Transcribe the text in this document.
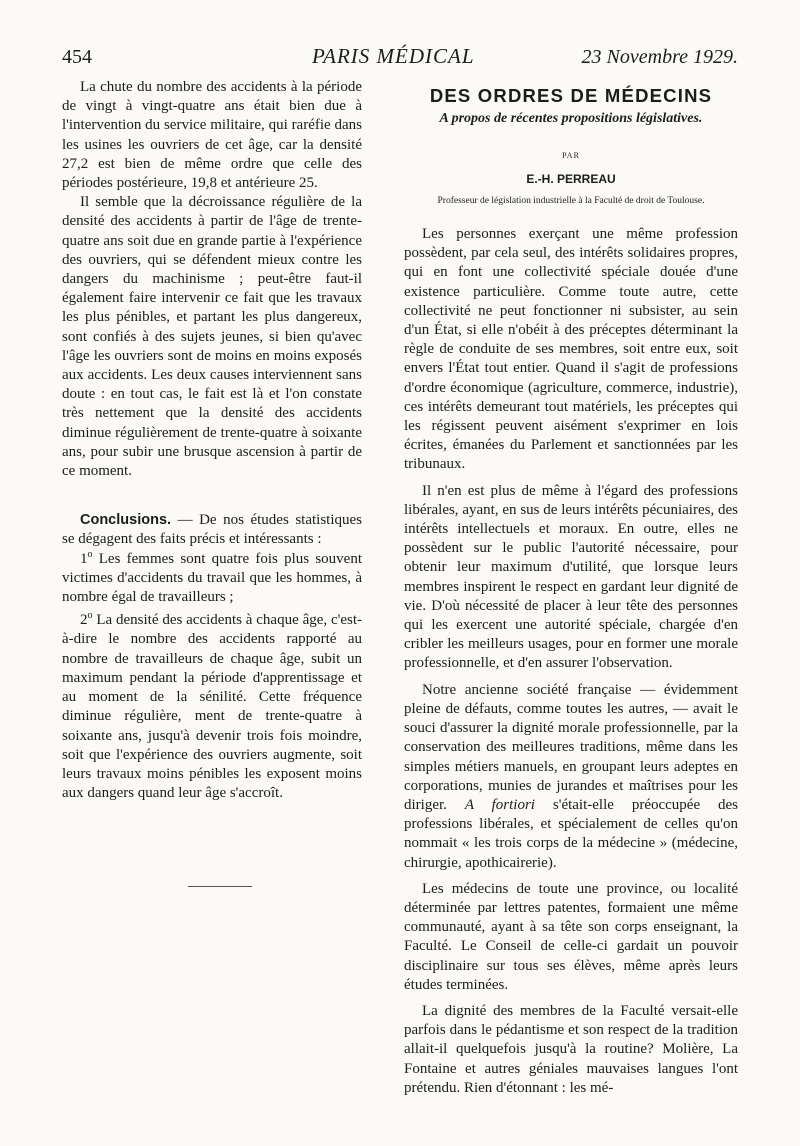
454	PARIS MÉDICAL	23 Novembre 1929.

La chute du nombre des accidents à la période de vingt à vingt-quatre ans était bien due à l'intervention du service militaire, qui raréfie dans les usines les ouvriers de cet âge, car la densité 27,2 est bien de même ordre que celle des périodes postérieure, 19,8 et antérieure 25.

Il semble que la décroissance régulière de la densité des accidents à partir de l'âge de trente-quatre ans soit due en grande partie à l'expérience des ouvriers, qui se défendent mieux contre les dangers du machinisme ; peut-être faut-il également faire intervenir ce fait que les travaux les plus pénibles, et partant les plus dangereux, sont confiés à des sujets jeunes, si bien qu'avec l'âge les ouvriers sont de moins en moins exposés aux accidents. Les deux causes interviennent sans doute : en tout cas, le fait est là et l'on constate très nettement que la densité des accidents diminue régulièrement de trente-quatre à soixante ans, pour subir une brusque ascension à partir de ce moment.

Conclusions. — De nos études statistiques se dégagent des faits précis et intéressants :

1$^o$ Les femmes sont quatre fois plus souvent victimes d'accidents du travail que les hommes, à nombre égal de travailleurs ;

2$^o$ La densité des accidents à chaque âge, c'est-à-dire le nombre des accidents rapporté au nombre de travailleurs de chaque âge, subit un maximum pendant la période d'apprentissage et au moment de la sénilité. Cette fréquence diminue régulière, ment de trente-quatre à soixante ans, jusqu'à devenir trois fois moindre, soit que l'expérience des ouvriers augmente, soit leurs travaux moins pénibles les exposent moins aux dangers quand leur âge s'accroît.

DES ORDRES DE MÉDECINS
A propos de récentes propositions législatives.
PAR
E.-H. PERREAU
Professeur de législation industrielle à la Faculté de droit de Toulouse.

Les personnes exerçant une même profession possèdent, par cela seul, des intérêts solidaires propres, qui en font une collectivité spéciale douée d'une existence particulière. Comme toute autre, cette collectivité ne peut fonctionner ni subsister, au sein d'un État, si elle n'obéit à des préceptes déterminant la règle de conduite de ses membres, soit entre eux, soit envers l'État tout entier. Quand il s'agit de professions d'ordre économique (agriculture, commerce, industrie), ces intérêts demeurant tout matériels, les préceptes qui les régissent peuvent aisément s'exprimer en lois écrites, émanées du Parlement et sanctionnées par les tribunaux.

Il n'en est plus de même à l'égard des professions libérales, ayant, en sus de leurs intérêts pécuniaires, des intérêts intellectuels et moraux. En outre, elles ne possèdent sur le public l'autorité nécessaire, pour obtenir leur maximum d'utilité, que lorsque leurs membres inspirent le respect en gardant leur dignité de vie. D'où nécessité de placer à leur tête des personnes qui les exercent une autorité spéciale, chargée d'en cribler les meilleurs usages, pour en former une morale professionnelle, et d'en assurer l'observation.

Notre ancienne société française — évidemment pleine de défauts, comme toutes les autres, — avait le souci d'assurer la dignité morale professionnelle, par la conservation des meilleures traditions, même dans les simples métiers manuels, en groupant leurs adeptes en corporations, munies de jurandes et maîtrises pour les diriger. A fortiori s'était-elle préoccupée des professions libérales, et spécialement de celles qu'on nommait « les trois corps de la médecine » (médecine, chirurgie, apothicairerie).

Les médecins de toute une province, ou localité déterminée par lettres patentes, formaient une même communauté, ayant à sa tête son corps enseignant, la Faculté. Le Conseil de celle-ci gardait un pouvoir disciplinaire sur tous ses élèves, même après leurs études terminées.

La dignité des membres de la Faculté versait-elle parfois dans le pédantisme et son respect de la tradition allait-il quelquefois jusqu'à la routine? Molière, La Fontaine et autres géniales mauvaises langues l'ont prétendu. Rien d'étonnant : les mé-
